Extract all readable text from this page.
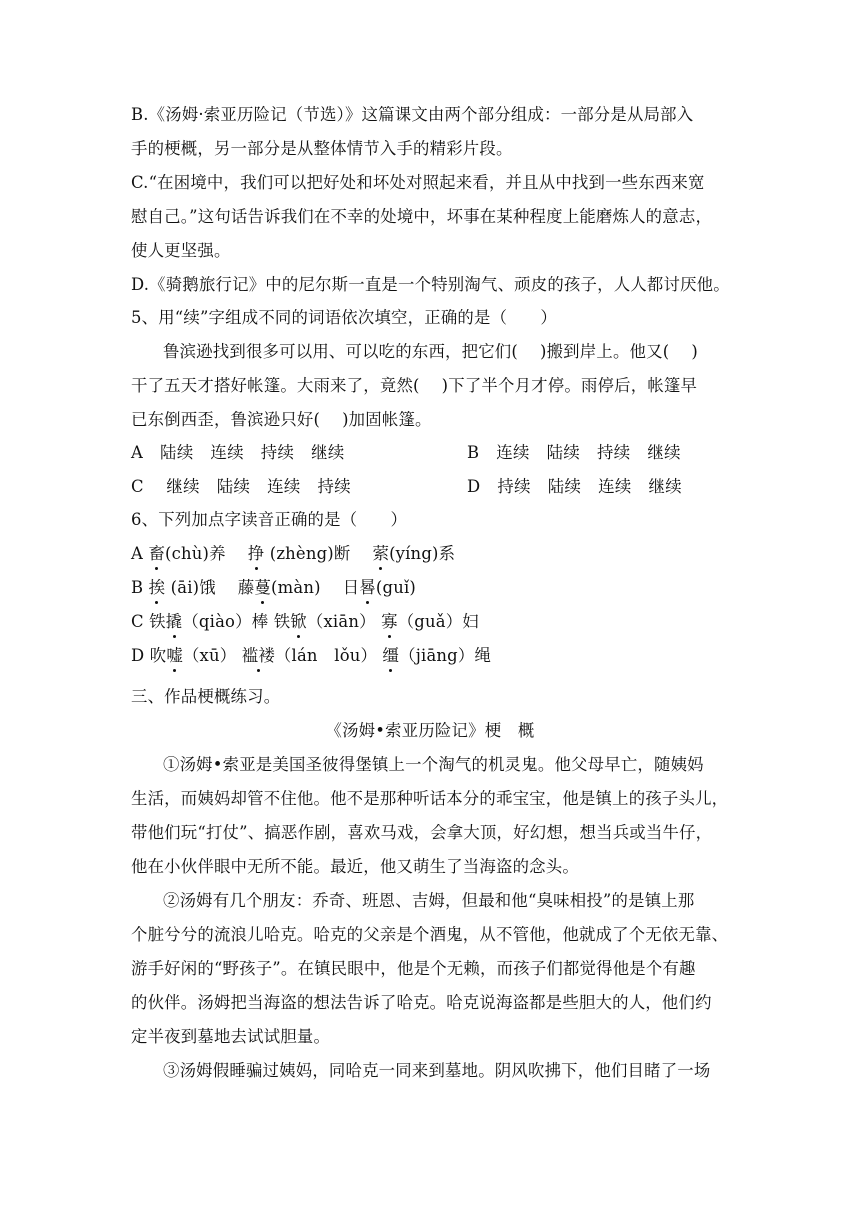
B.《汤姆·索亚历险记（节选）》这篇课文由两个部分组成：一部分是从局部入
手的梗概，另一部分是从整体情节入手的精彩片段。
C.“在困境中，我们可以把好处和坏处对照起来看，并且从中找到一些东西来宽
慰自己。”这句话告诉我们在不幸的处境中，坏事在某种程度上能磨炼人的意志，
使人更坚强。
D.《骑鹅旅行记》中的尼尔斯一直是一个特别淘气、顽皮的孩子，人人都讨厌他。
5、用“续”字组成不同的词语依次填空，正确的是（　　）
鲁滨逊找到很多可以用、可以吃的东西，把它们(　 )搬到岸上。他又(　 )
干了五天才搭好帐篷。大雨来了，竟然(　 )下了半个月才停。雨停后，帐篷早
已东倒西歪，鲁滨逊只好(　 )加固帐篷。
A　陆续　连续　持续　继续	B　连续　陆续　持续　继续
C　 继续　陆续　连续　持续	D　持续　陆续　连续　继续
6、下列加点字读音正确的是（　　）
A 畜(chù)养　 挣 (zhèng)断　 萦(yíng)系
B 挨 (āi)饿　 藤蔓(màn)　 日晷(guǐ)
C 铁撬（qiào）棒 铁锨（xiān） 寡（guǎ）妇
D 吹嘘（xū） 褴褛（lán　lǒu） 缰（jiāng）绳
三、作品梗概练习。
《汤姆•索亚历险记》梗　概
①汤姆•索亚是美国圣彼得堡镇上一个淘气的机灵鬼。他父母早亡，随姨妈
生活，而姨妈却管不住他。他不是那种听话本分的乖宝宝，他是镇上的孩子头儿，
带他们玩“打仗”、搞恶作剧，喜欢马戏，会拿大顶，好幻想，想当兵或当牛仔，
他在小伙伴眼中无所不能。最近，他又萌生了当海盗的念头。
②汤姆有几个朋友：乔奇、班恩、吉姆，但最和他“臭味相投”的是镇上那
个脏兮兮的流浪儿哈克。哈克的父亲是个酒鬼，从不管他，他就成了个无依无靠、
游手好闲的“野孩子”。在镇民眼中，他是个无赖，而孩子们都觉得他是个有趣
的伙伴。汤姆把当海盗的想法告诉了哈克。哈克说海盗都是些胆大的人，他们约
定半夜到墓地去试试胆量。
③汤姆假睡骗过姨妈，同哈克一同来到墓地。阴风吹拂下，他们目睹了一场
